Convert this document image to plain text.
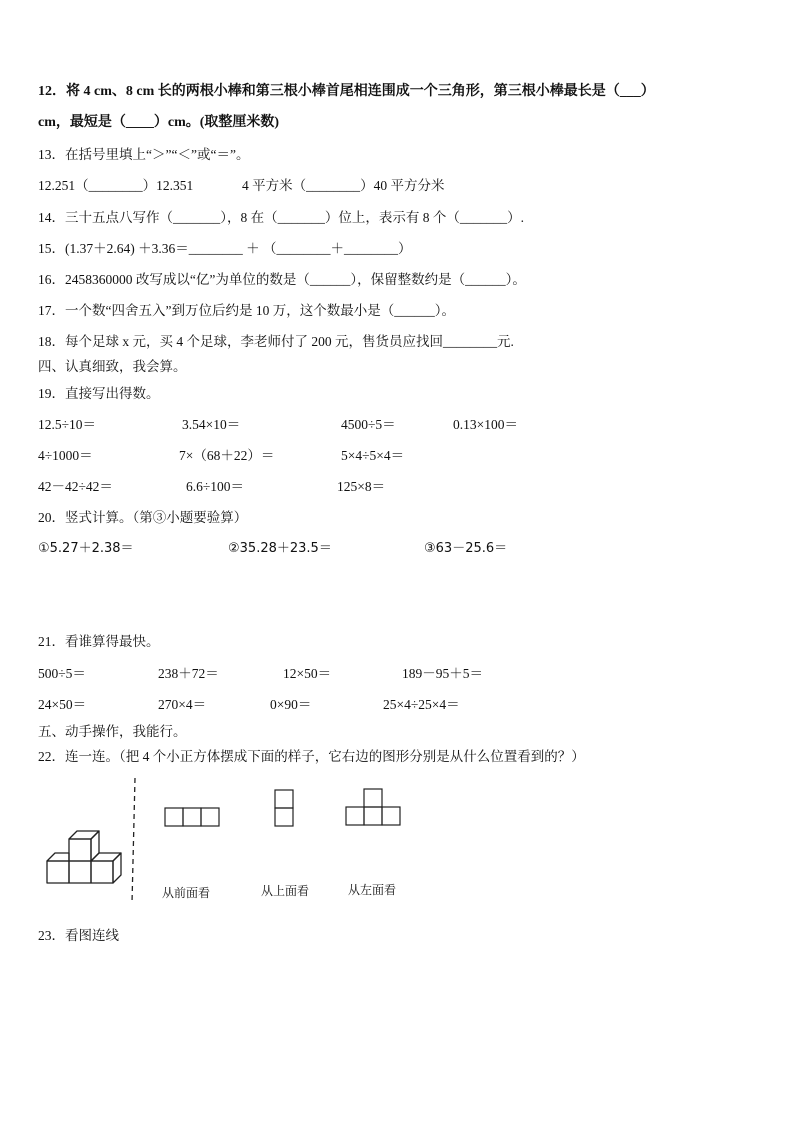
12．将 4 cm、8 cm 长的两根小棒和第三根小棒首尾相连围成一个三角形，第三根小棒最长是（___）
cm，最短是（____）cm。(取整厘米数)
13．在括号里填上“＞”“＜”或“＝”。
12.251（________）12.351	4 平方米（________）40 平方分米
14．三十五点八写作（_______），8 在（_______）位上，表示有 8 个（_______）.
15．(1.37＋2.64) ＋3.36＝________ ＋ （________＋________）
16．2458360000 改写成以“亿”为单位的数是（______），保留整数约是（______）。
17．一个数“四舍五入”到万位后约是 10 万，这个数最小是（______）。
18．每个足球 x 元，买 4 个足球，李老师付了 200 元，售货员应找回________元.
四、认真细致，我会算。
19．直接写出得数。
12.5÷10＝	3.54×10＝	4500÷5＝	0.13×100＝
4÷1000＝	7×（68＋22）＝	5×4÷5×4＝
42－42÷42＝	6.6÷100＝	125×8＝
20．竖式计算。（第③小题要验算）
①5.27＋2.38＝	②35.28＋23.5＝	③63－25.6＝
21．看谁算得最快。
500÷5＝	238＋72＝	12×50＝	189－95＋5＝
24×50＝	270×4＝	0×90＝	25×4÷25×4＝
五、动手操作，我能行。
22．连一连。（把 4 个小正方体摆成下面的样子，它右边的图形分别是从什么位置看到的？）
从前面看	从上面看	从左面看
23．看图连线
